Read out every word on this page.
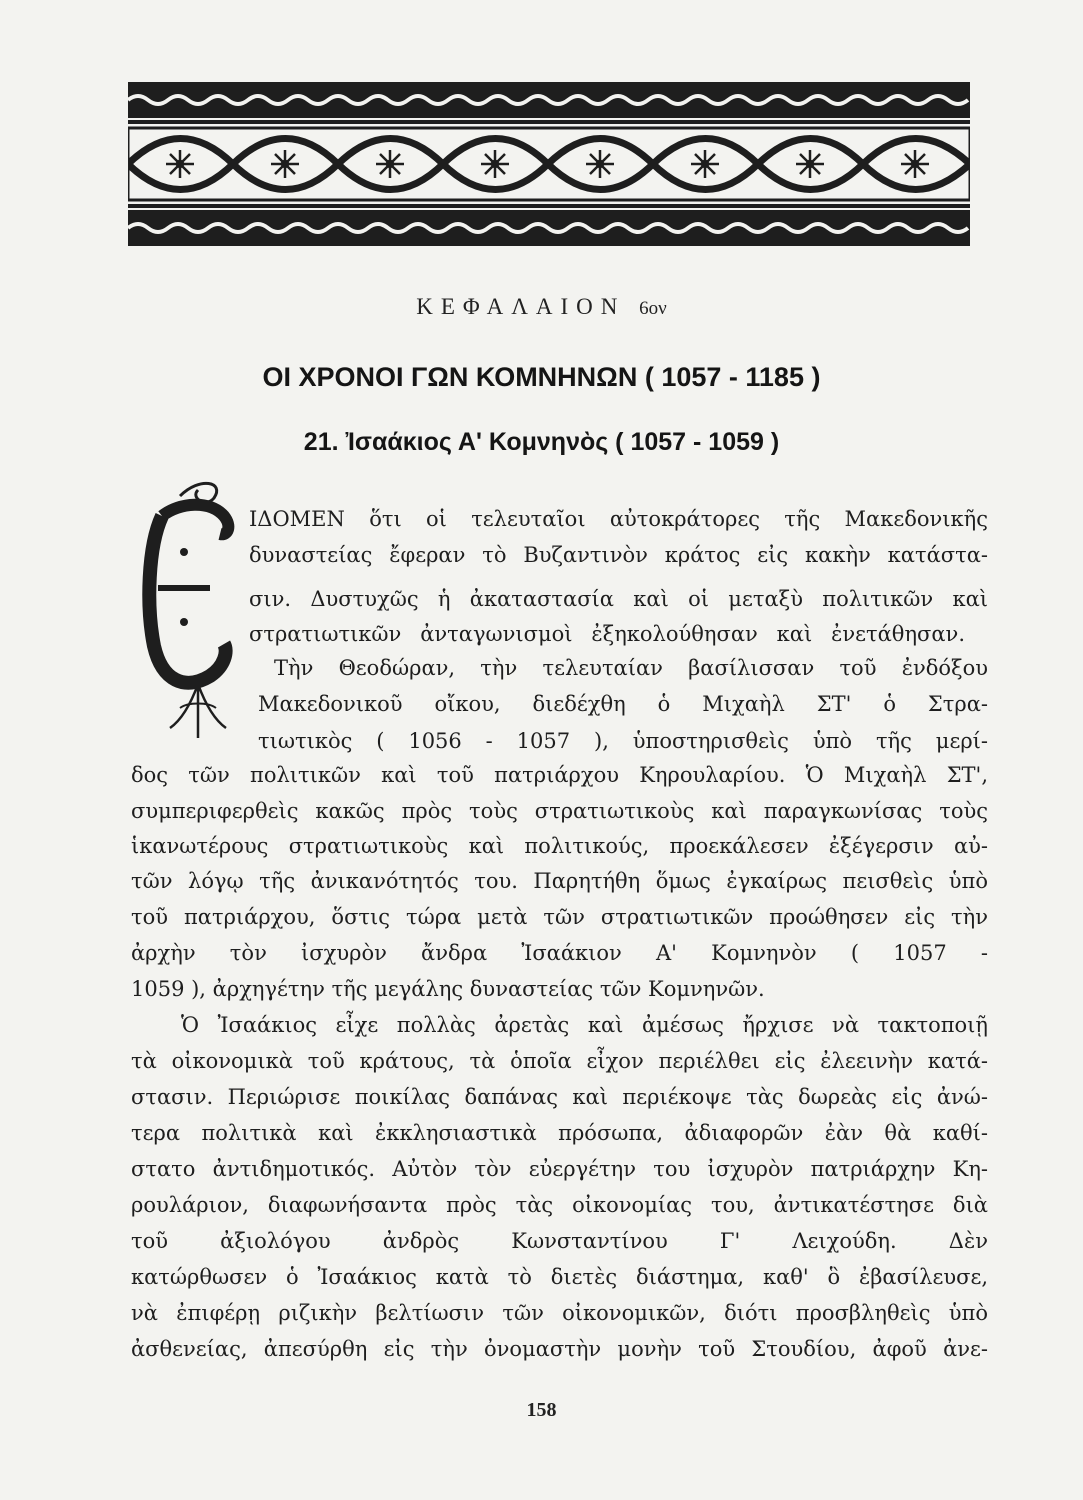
ΚΕΦΑΛΑΙΟΝ 6ον
ΟΙ ΧΡΟΝΟΙ ΓΩΝ ΚΟΜΝΗΝΩΝ ( 1057 - 1185 )
21. Ἰσαάκιος Α' Κομνηνὸς ( 1057 - 1059 )
ΙΔΟΜΕΝ ὅτι οἱ τελευταῖοι αὐτοκράτορες τῆς Μακεδονικῆς
δυναστείας ἔφεραν τὸ Βυζαντινὸν κράτος εἰς κακὴν κατάστα-
σιν. Δυστυχῶς ἡ ἀκαταστασία καὶ οἱ μεταξὺ πολιτικῶν καὶ
στρατιωτικῶν ἀνταγωνισμοὶ ἐξηκολούθησαν καὶ ἐνετάθησαν.
Τὴν Θεοδώραν, τὴν τελευταίαν βασίλισσαν τοῦ ἐνδόξου
Μακεδονικοῦ οἴκου, διεδέχθη ὁ Μιχαὴλ ΣΤ' ὁ Στρα-
τιωτικὸς ( 1056 - 1057 ), ὑποστηρισθεὶς ὑπὸ τῆς μερί-
δος τῶν πολιτικῶν καὶ τοῦ πατριάρχου Κηρουλαρίου. Ὁ Μιχαὴλ ΣΤ',
συμπεριφερθεὶς κακῶς πρὸς τοὺς στρατιωτικοὺς καὶ παραγκωνίσας τοὺς
ἱκανωτέρους στρατιωτικοὺς καὶ πολιτικούς, προεκάλεσεν ἐξέγερσιν αὐ-
τῶν λόγῳ τῆς ἀνικανότητός του. Παρητήθη ὅμως ἐγκαίρως πεισθεὶς ὑπὸ
τοῦ πατριάρχου, ὅστις τώρα μετὰ τῶν στρατιωτικῶν προώθησεν εἰς τὴν
ἀρχὴν τὸν ἰσχυρὸν ἄνδρα Ἰσαάκιον Α' Κομνηνὸν ( 1057 -
1059 ), ἀρχηγέτην τῆς μεγάλης δυναστείας τῶν Κομνηνῶν.
Ὁ Ἰσαάκιος εἶχε πολλὰς ἀρετὰς καὶ ἀμέσως ἤρχισε νὰ τακτοποιῇ
τὰ οἰκονομικὰ τοῦ κράτους, τὰ ὁποῖα εἶχον περιέλθει εἰς ἐλεεινὴν κατά-
στασιν. Περιώρισε ποικίλας δαπάνας καὶ περιέκοψε τὰς δωρεὰς εἰς ἀνώ-
τερα πολιτικὰ καὶ ἐκκλησιαστικὰ πρόσωπα, ἀδιαφορῶν ἐὰν θὰ καθί-
στατο ἀντιδημοτικός. Αὐτὸν τὸν εὐεργέτην του ἰσχυρὸν πατριάρχην Κη-
ρουλάριον, διαφωνήσαντα πρὸς τὰς οἰκονομίας του, ἀντικατέστησε διὰ
τοῦ ἀξιολόγου ἀνδρὸς Κωνσταντίνου Γ' Λειχούδη. Δὲν
κατώρθωσεν ὁ Ἰσαάκιος κατὰ τὸ διετὲς διάστημα, καθ' ὃ ἐβασίλευσε,
νὰ ἐπιφέρῃ ριζικὴν βελτίωσιν τῶν οἰκονομικῶν, διότι προσβληθεὶς ὑπὸ
ἀσθενείας, ἀπεσύρθη εἰς τὴν ὀνομαστὴν μονὴν τοῦ Στουδίου, ἀφοῦ ἀνε-
158
